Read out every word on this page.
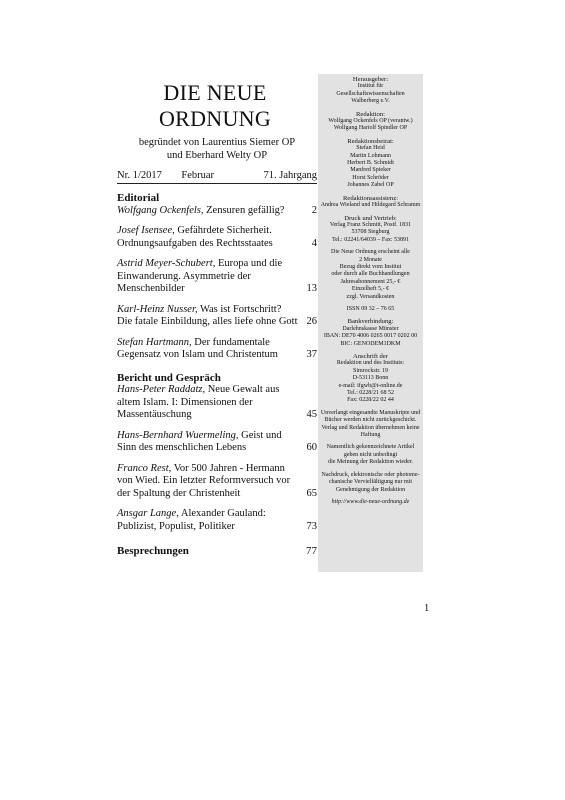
DIE NEUE
ORDNUNG
begründet von Laurentius Siemer OP
und Eberhard Welty OP
Nr. 1/2017 Februar	71. Jahrgang
Editorial
Wolfgang Ockenfels, Zensuren gefällig?	2
Josef Isensee, Gefährdete Sicherheit. Ordnungsaufgaben des Rechtsstaates	4
Astrid Meyer-Schubert, Europa und die Einwanderung. Asymmetrie der Menschenbilder	13
Karl-Heinz Nusser, Was ist Fortschritt? Die fatale Einbildung, alles liefe ohne Gott 26
Stefan Hartmann, Der fundamentale Gegensatz von Islam und Christentum	37
Bericht und Gespräch
Hans-Peter Raddatz, Neue Gewalt aus altem Islam. I: Dimensionen der Massentäuschung	45
Hans-Bernhard Wuermeling, Geist und Sinn des menschlichen Lebens	60
Franco Rest, Vor 500 Jahren - Hermann von Wied. Ein letzter Reformversuch vor der Spaltung der Christenheit	65
Ansgar Lange, Alexander Gauland: Publizist, Populist, Politiker	73
Besprechungen	77
Herausgeber:
Institut für
Gesellschaftswissenschaften
Walberberg e.V.
Redaktion:
Wolfgang Ockenfels OP (verantw.)
Wolfgang Hariolf Spindler OP
Redaktionsbeirat:
Stefan Heid
Martin Lohmann
Herbert B. Schmidt
Manfred Spieker
Horst Schröder
Johannes Zabel OP
Redaktionsassistenz:
Andrea Wieland und Hildegard Schramm
Druck und Vertrieb:
Verlag Franz Schmitt, Postf. 1831
53708 Siegburg
Tel.: 02241/64039 – Fax: 53891
Die Neue Ordnung erscheint alle
2 Monate
Bezug direkt vom Institut
oder durch alle Buchhandlungen
Jahresabonnement 25,- €
Einzelheft 5,- €
zzgl. Versandkosten
ISSN 09 32 – 76 65
Bankverbindung:
Darlehnskasse Münster
IBAN: DE70 4006 0265 0017 0202 00
BIC: GENODEM1DKM
Anschrift der
Redaktion und des Instituts:
Simrockstr. 19
D-53113 Bonn
e-mail: ifgwb@t-online.de
Tel.: 0228/21 68 52
Fax: 0228/22 02 44
Unverlangt eingesandte Manuskripte und
Bücher werden nicht zurückgeschickt.
Verlag und Redaktion übernehmen keine
Haftung
Namentlich gekennzeichnete Artikel
geben nicht unbedingt
die Meinung der Redaktion wieder.
Nachdruck, elektronische oder photome-
chanische Vervielfältigung nur mit
Genehmigung der Redaktion
http://www.die-neue-ordnung.de
1
